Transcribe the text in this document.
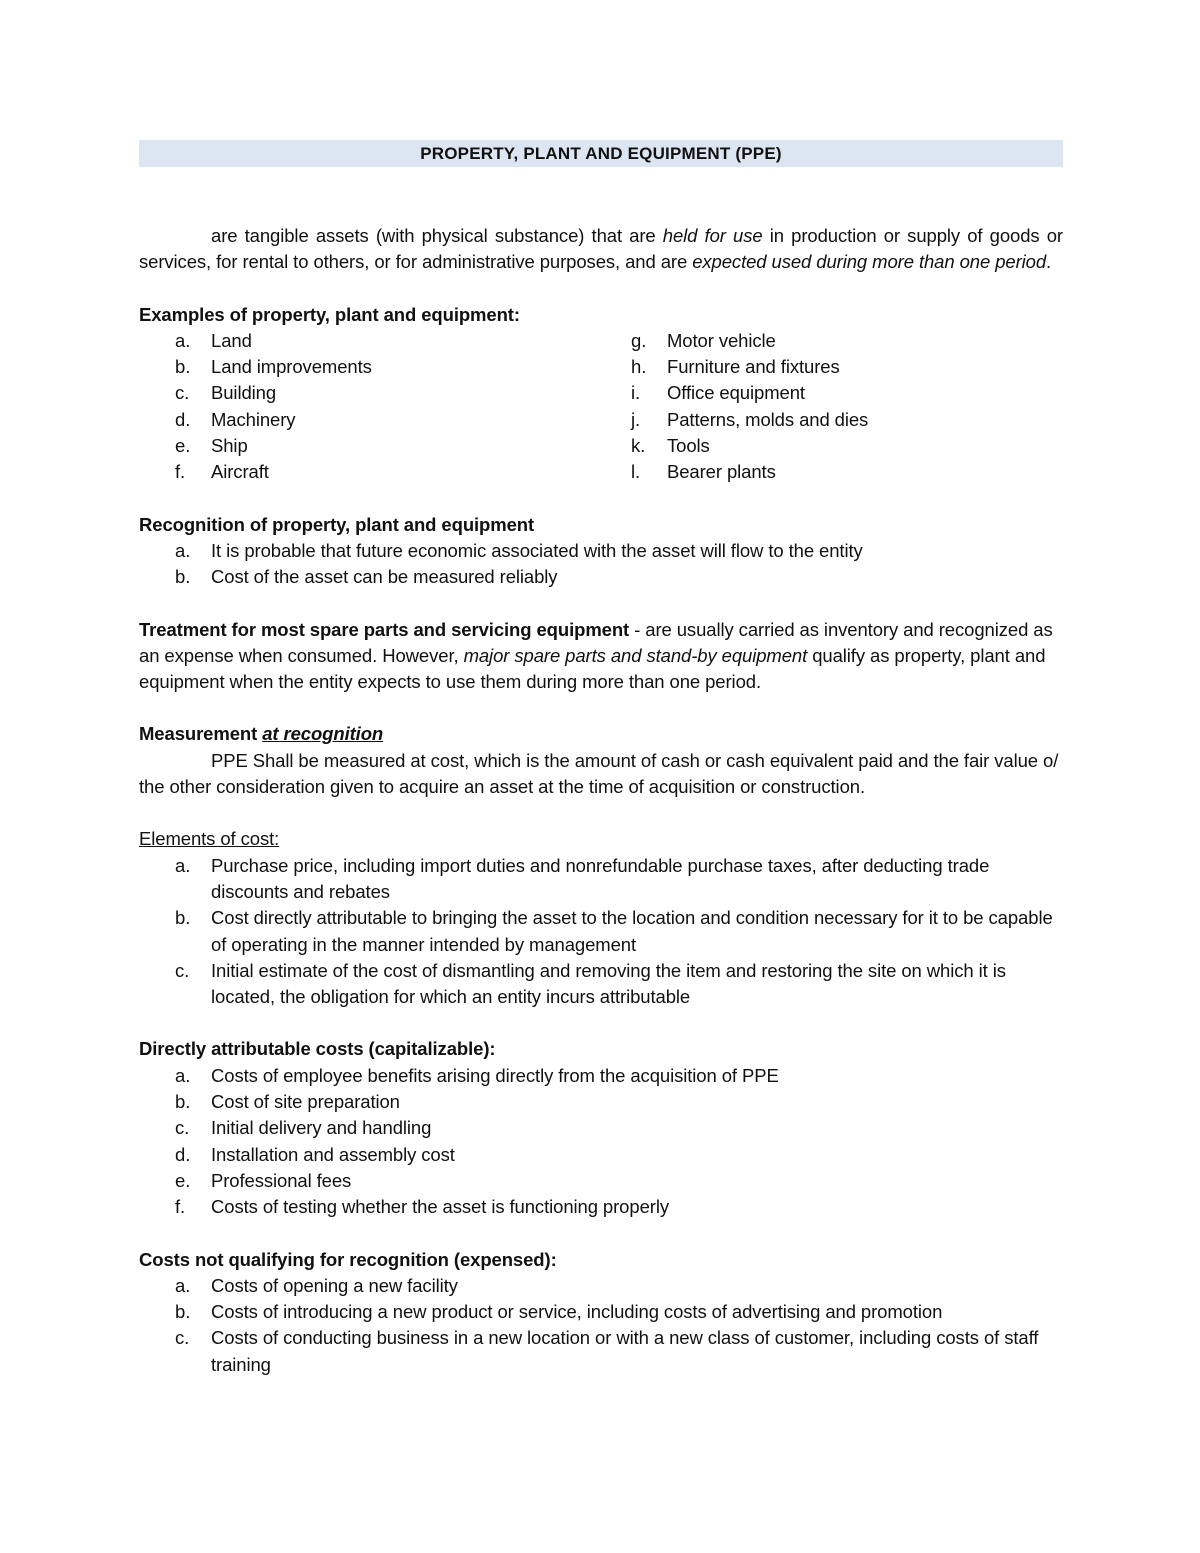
PROPERTY, PLANT AND EQUIPMENT (PPE)

are tangible assets (with physical substance) that are held for use in production or supply of goods or services, for rental to others, or for administrative purposes, and are expected used during more than one period.

Examples of property, plant and equipment:

a. Land
b. Land improvements
c. Building
d. Machinery
e. Ship
f. Aircraft
g. Motor vehicle
h. Furniture and fixtures
i. Office equipment
j. Patterns, molds and dies
k. Tools
l. Bearer plants

Recognition of property, plant and equipment

a. It is probable that future economic associated with the asset will flow to the entity
b. Cost of the asset can be measured reliably

Treatment for most spare parts and servicing equipment - are usually carried as inventory and recognized as an expense when consumed. However, major spare parts and stand-by equipment qualify as property, plant and equipment when the entity expects to use them during more than one period.

Measurement at recognition

PPE Shall be measured at cost, which is the amount of cash or cash equivalent paid and the fair value o/ the other consideration given to acquire an asset at the time of acquisition or construction.

Elements of cost:

a. Purchase price, including import duties and nonrefundable purchase taxes, after deducting trade discounts and rebates
b. Cost directly attributable to bringing the asset to the location and condition necessary for it to be capable of operating in the manner intended by management
c. Initial estimate of the cost of dismantling and removing the item and restoring the site on which it is located, the obligation for which an entity incurs attributable

Directly attributable costs (capitalizable):

a. Costs of employee benefits arising directly from the acquisition of PPE
b. Cost of site preparation
c. Initial delivery and handling
d. Installation and assembly cost
e. Professional fees
f. Costs of testing whether the asset is functioning properly

Costs not qualifying for recognition (expensed):

a. Costs of opening a new facility
b. Costs of introducing a new product or service, including costs of advertising and promotion
c. Costs of conducting business in a new location or with a new class of customer, including costs of staff training
